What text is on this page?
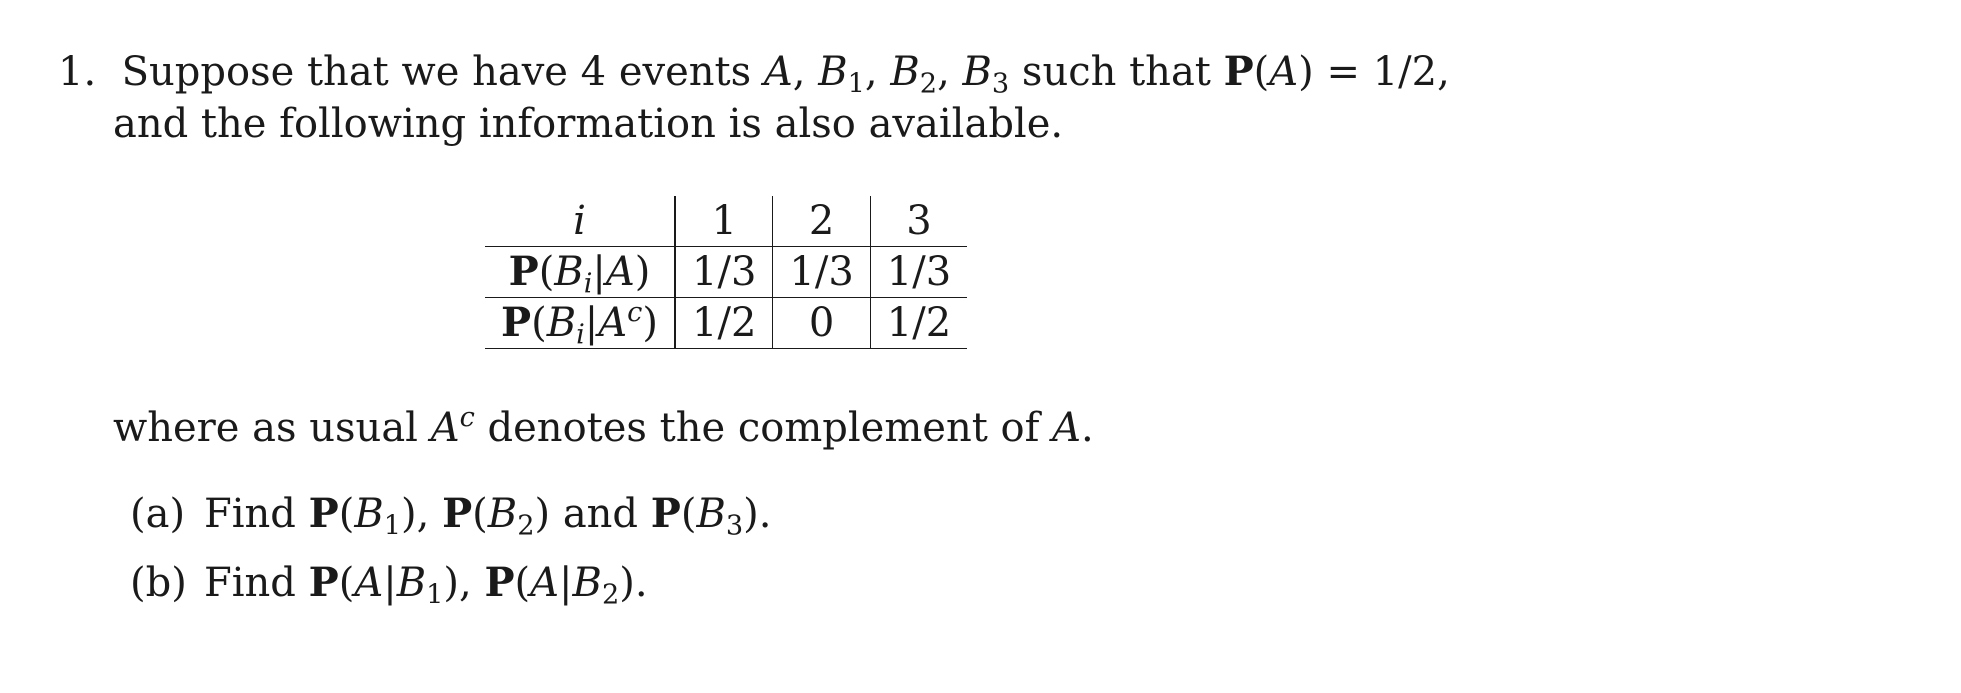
1. Suppose that we have 4 events A, $B_1$, $B_2$, $B_3$ such that P(A) = 1/2,
and the following information is also available.
i	1	2	3
$P(B_i|A)$	1/3	1/3	1/3
$P(B_i|A^c)$	1/2	0	1/2
where as usual $A^c$ denotes the complement of A.
(a) Find $P(B_1)$, $P(B_2)$ and $P(B_3)$.
(b) Find $P(A|B_1)$, $P(A|B_2)$.
